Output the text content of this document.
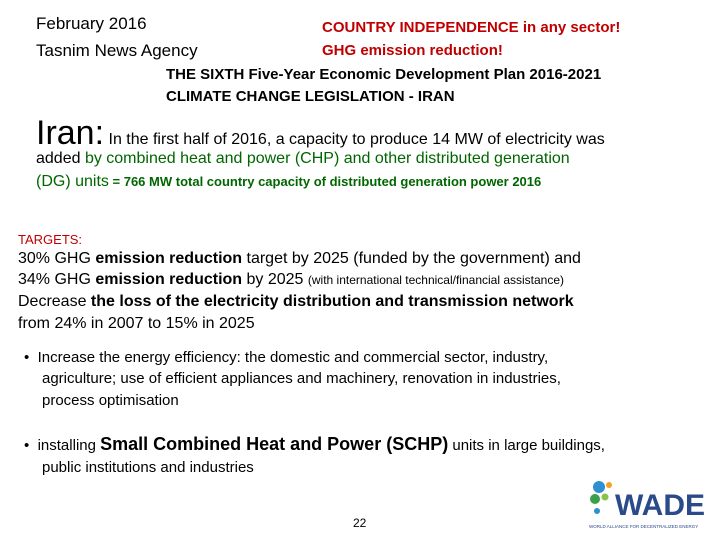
February 2016
Tasnim News Agency
COUNTRY INDEPENDENCE in any sector!
GHG emission reduction!
THE SIXTH Five-Year Economic Development Plan 2016-2021
CLIMATE CHANGE LEGISLATION - IRAN
Iran: In the first half of 2016, a capacity to produce 14 MW of electricity was
added by combined heat and power (CHP) and other distributed generation
(DG) units = 766 MW total country capacity of distributed generation power 2016
TARGETS:
30% GHG emission reduction target by 2025 (funded by the government) and
34% GHG emission reduction by 2025 (with international technical/financial assistance)
Decrease the loss of the electricity distribution and transmission network
from 24% in 2007 to 15% in 2025
•  Increase the energy efficiency: the domestic and commercial sector, industry,
agriculture; use of efficient appliances and machinery, renovation in industries,
process optimisation
•  installing Small Combined Heat and Power (SCHP) units in large buildings,
public institutions and industries
22
WADE
WORLD ALLIANCE FOR DECENTRALIZED ENERGY
